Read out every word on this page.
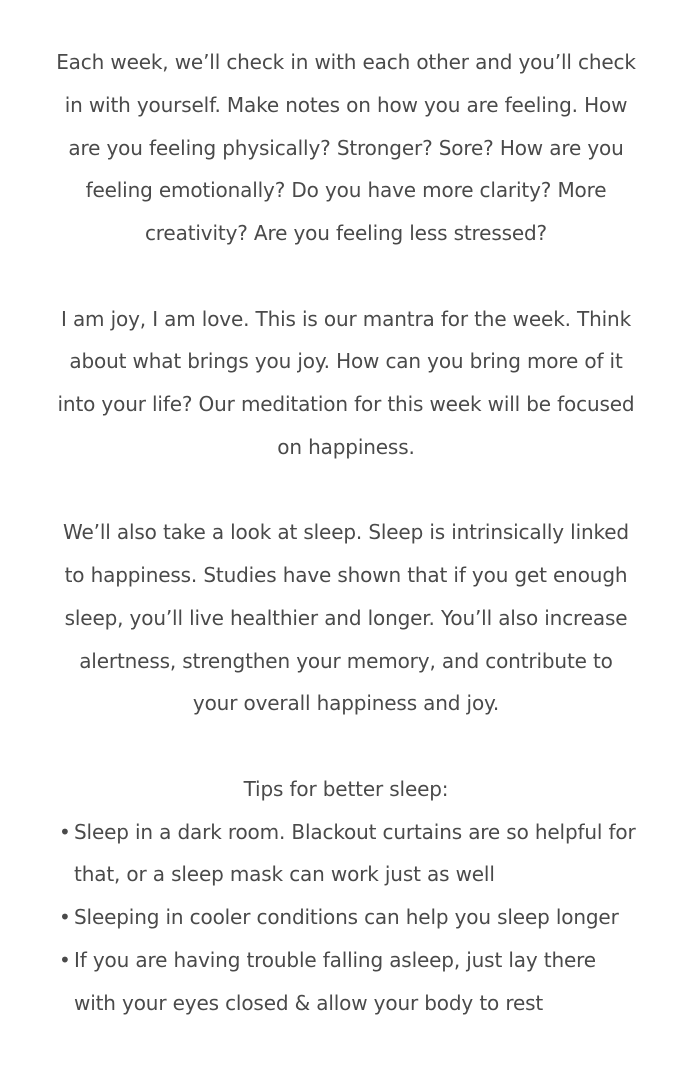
Each week, we’ll check in with each other and you’ll check in with yourself. Make notes on how you are feeling. How are you feeling physically? Stronger? Sore? How are you feeling emotionally? Do you have more clarity? More creativity? Are you feeling less stressed?

I am joy, I am love. This is our mantra for the week. Think about what brings you joy. How can you bring more of it into your life? Our meditation for this week will be focused on happiness.

We’ll also take a look at sleep. Sleep is intrinsically linked to happiness. Studies have shown that if you get enough sleep, you’ll live healthier and longer. You’ll also increase alertness, strengthen your memory, and contribute to your overall happiness and joy.

Tips for better sleep:

• Sleep in a dark room. Blackout curtains are so helpful for that, or a sleep mask can work just as well
• Sleeping in cooler conditions can help you sleep longer
• If you are having trouble falling asleep, just lay there with your eyes closed & allow your body to rest
